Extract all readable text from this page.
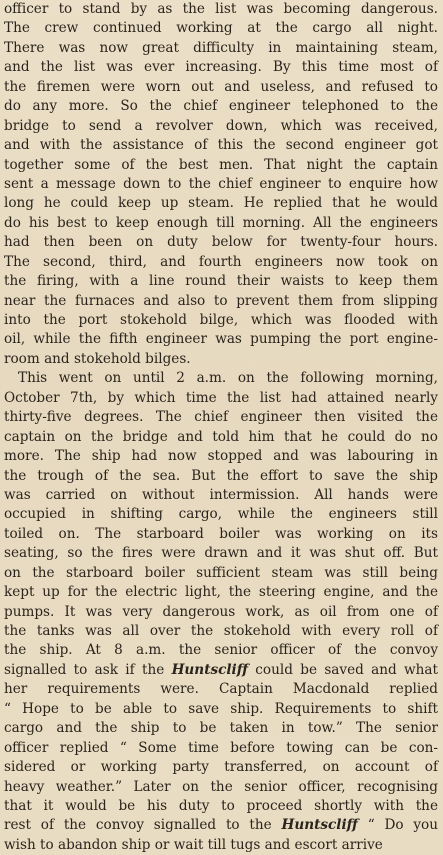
officer to stand by as the list was becoming dangerous.
The crew continued working at the cargo all night.
There was now great difficulty in maintaining steam,
and the list was ever increasing. By this time most of
the firemen were worn out and useless, and refused to
do any more. So the chief engineer telephoned to the
bridge to send a revolver down, which was received,
and with the assistance of this the second engineer got
together some of the best men. That night the captain
sent a message down to the chief engineer to enquire how
long he could keep up steam. He replied that he would
do his best to keep enough till morning. All the engineers
had then been on duty below for twenty-four hours.
The second, third, and fourth engineers now took on
the firing, with a line round their waists to keep them
near the furnaces and also to prevent them from slipping
into the port stokehold bilge, which was flooded with
oil, while the fifth engineer was pumping the port engine-
room and stokehold bilges.
This went on until 2 a.m. on the following morning,
October 7th, by which time the list had attained nearly
thirty-five degrees. The chief engineer then visited the
captain on the bridge and told him that he could do no
more. The ship had now stopped and was labouring in
the trough of the sea. But the effort to save the ship
was carried on without intermission. All hands were
occupied in shifting cargo, while the engineers still
toiled on. The starboard boiler was working on its
seating, so the fires were drawn and it was shut off. But
on the starboard boiler sufficient steam was still being
kept up for the electric light, the steering engine, and the
pumps. It was very dangerous work, as oil from one of
the tanks was all over the stokehold with every roll of
the ship. At 8 a.m. the senior officer of the convoy
signalled to ask if the Huntscliff could be saved and what
her requirements were. Captain Macdonald replied
“ Hope to be able to save ship. Requirements to shift
cargo and the ship to be taken in tow.” The senior
officer replied “ Some time before towing can be con-
sidered or working party transferred, on account of
heavy weather.” Later on the senior officer, recognising
that it would be his duty to proceed shortly with the
rest of the convoy signalled to the Huntscliff “ Do you
wish to abandon ship or wait till tugs and escort arrive
